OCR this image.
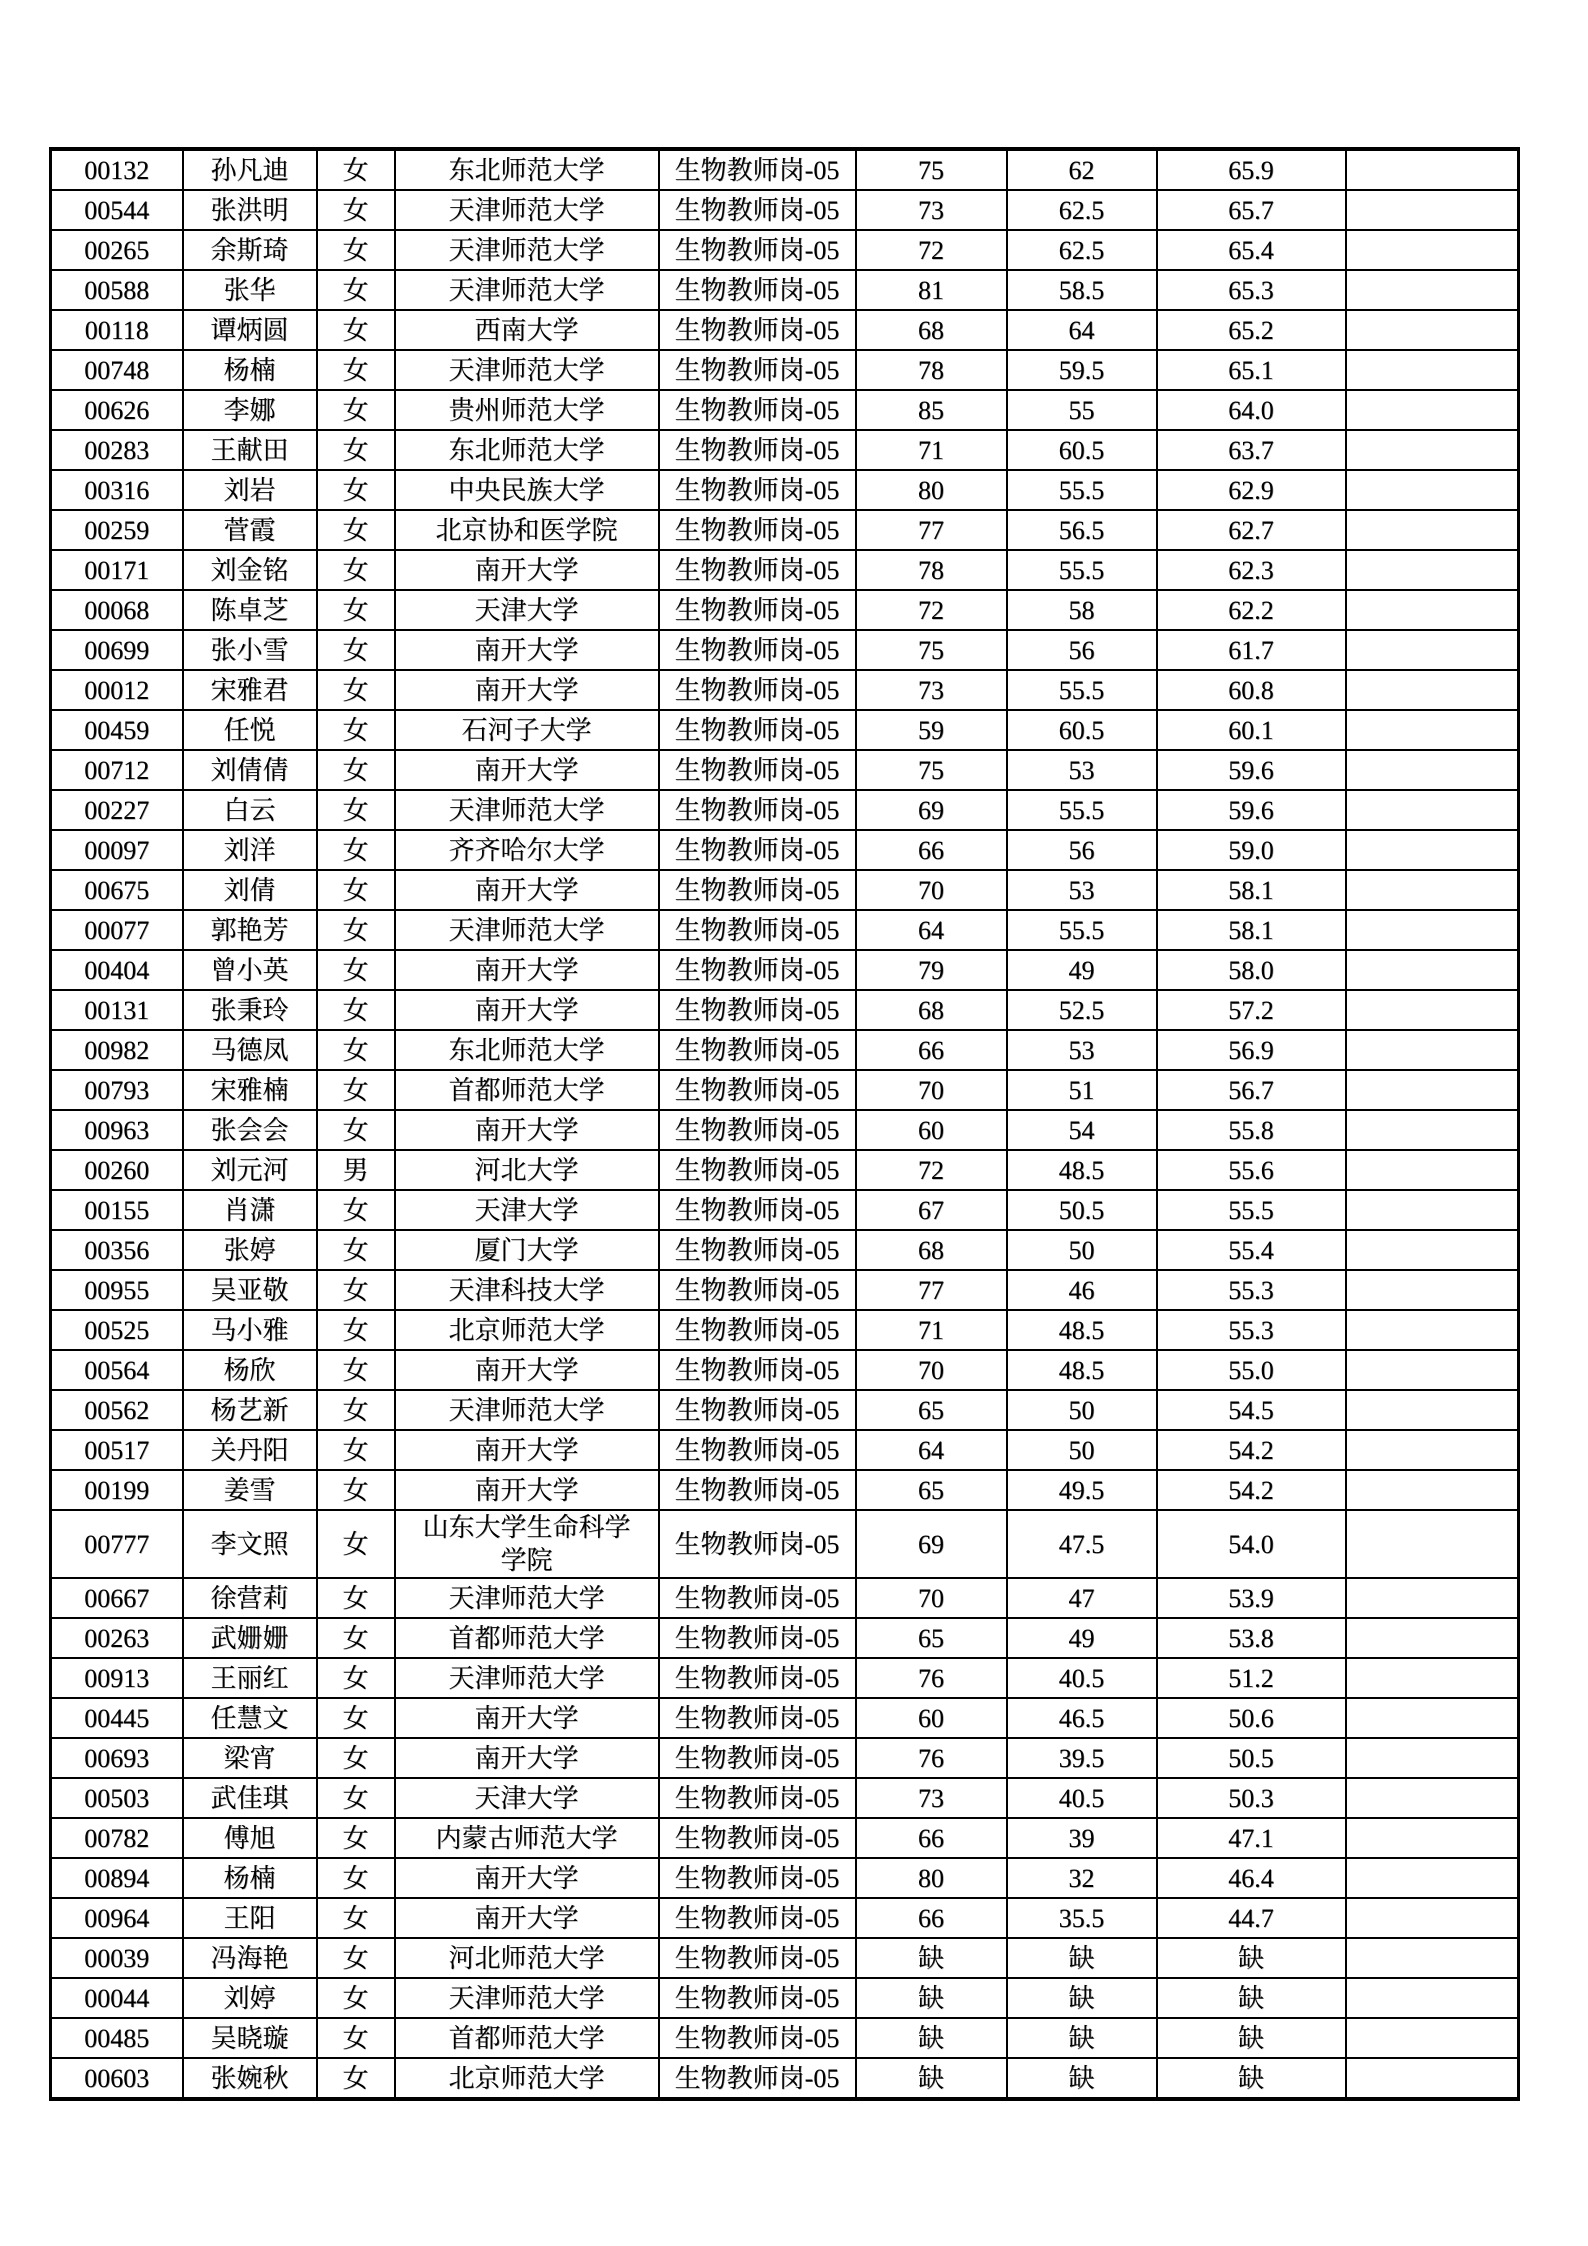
00132	孙凡迪	女	东北师范大学	生物教师岗-05	75	62	65.9	
00544	张洪明	女	天津师范大学	生物教师岗-05	73	62.5	65.7	
00265	余斯琦	女	天津师范大学	生物教师岗-05	72	62.5	65.4	
00588	张华	女	天津师范大学	生物教师岗-05	81	58.5	65.3	
00118	谭炳圆	女	西南大学	生物教师岗-05	68	64	65.2	
00748	杨楠	女	天津师范大学	生物教师岗-05	78	59.5	65.1	
00626	李娜	女	贵州师范大学	生物教师岗-05	85	55	64.0	
00283	王献田	女	东北师范大学	生物教师岗-05	71	60.5	63.7	
00316	刘岩	女	中央民族大学	生物教师岗-05	80	55.5	62.9	
00259	菅霞	女	北京协和医学院	生物教师岗-05	77	56.5	62.7	
00171	刘金铭	女	南开大学	生物教师岗-05	78	55.5	62.3	
00068	陈卓芝	女	天津大学	生物教师岗-05	72	58	62.2	
00699	张小雪	女	南开大学	生物教师岗-05	75	56	61.7	
00012	宋雅君	女	南开大学	生物教师岗-05	73	55.5	60.8	
00459	任悦	女	石河子大学	生物教师岗-05	59	60.5	60.1	
00712	刘倩倩	女	南开大学	生物教师岗-05	75	53	59.6	
00227	白云	女	天津师范大学	生物教师岗-05	69	55.5	59.6	
00097	刘洋	女	齐齐哈尔大学	生物教师岗-05	66	56	59.0	
00675	刘倩	女	南开大学	生物教师岗-05	70	53	58.1	
00077	郭艳芳	女	天津师范大学	生物教师岗-05	64	55.5	58.1	
00404	曾小英	女	南开大学	生物教师岗-05	79	49	58.0	
00131	张秉玲	女	南开大学	生物教师岗-05	68	52.5	57.2	
00982	马德凤	女	东北师范大学	生物教师岗-05	66	53	56.9	
00793	宋雅楠	女	首都师范大学	生物教师岗-05	70	51	56.7	
00963	张会会	女	南开大学	生物教师岗-05	60	54	55.8	
00260	刘元河	男	河北大学	生物教师岗-05	72	48.5	55.6	
00155	肖潇	女	天津大学	生物教师岗-05	67	50.5	55.5	
00356	张婷	女	厦门大学	生物教师岗-05	68	50	55.4	
00955	吴亚敬	女	天津科技大学	生物教师岗-05	77	46	55.3	
00525	马小雅	女	北京师范大学	生物教师岗-05	71	48.5	55.3	
00564	杨欣	女	南开大学	生物教师岗-05	70	48.5	55.0	
00562	杨艺新	女	天津师范大学	生物教师岗-05	65	50	54.5	
00517	关丹阳	女	南开大学	生物教师岗-05	64	50	54.2	
00199	姜雪	女	南开大学	生物教师岗-05	65	49.5	54.2	
00777	李文照	女	山东大学生命科学学院	生物教师岗-05	69	47.5	54.0	
00667	徐营莉	女	天津师范大学	生物教师岗-05	70	47	53.9	
00263	武姗姗	女	首都师范大学	生物教师岗-05	65	49	53.8	
00913	王丽红	女	天津师范大学	生物教师岗-05	76	40.5	51.2	
00445	任慧文	女	南开大学	生物教师岗-05	60	46.5	50.6	
00693	梁宵	女	南开大学	生物教师岗-05	76	39.5	50.5	
00503	武佳琪	女	天津大学	生物教师岗-05	73	40.5	50.3	
00782	傅旭	女	内蒙古师范大学	生物教师岗-05	66	39	47.1	
00894	杨楠	女	南开大学	生物教师岗-05	80	32	46.4	
00964	王阳	女	南开大学	生物教师岗-05	66	35.5	44.7	
00039	冯海艳	女	河北师范大学	生物教师岗-05	缺	缺	缺	
00044	刘婷	女	天津师范大学	生物教师岗-05	缺	缺	缺	
00485	吴晓璇	女	首都师范大学	生物教师岗-05	缺	缺	缺	
00603	张婉秋	女	北京师范大学	生物教师岗-05	缺	缺	缺	
